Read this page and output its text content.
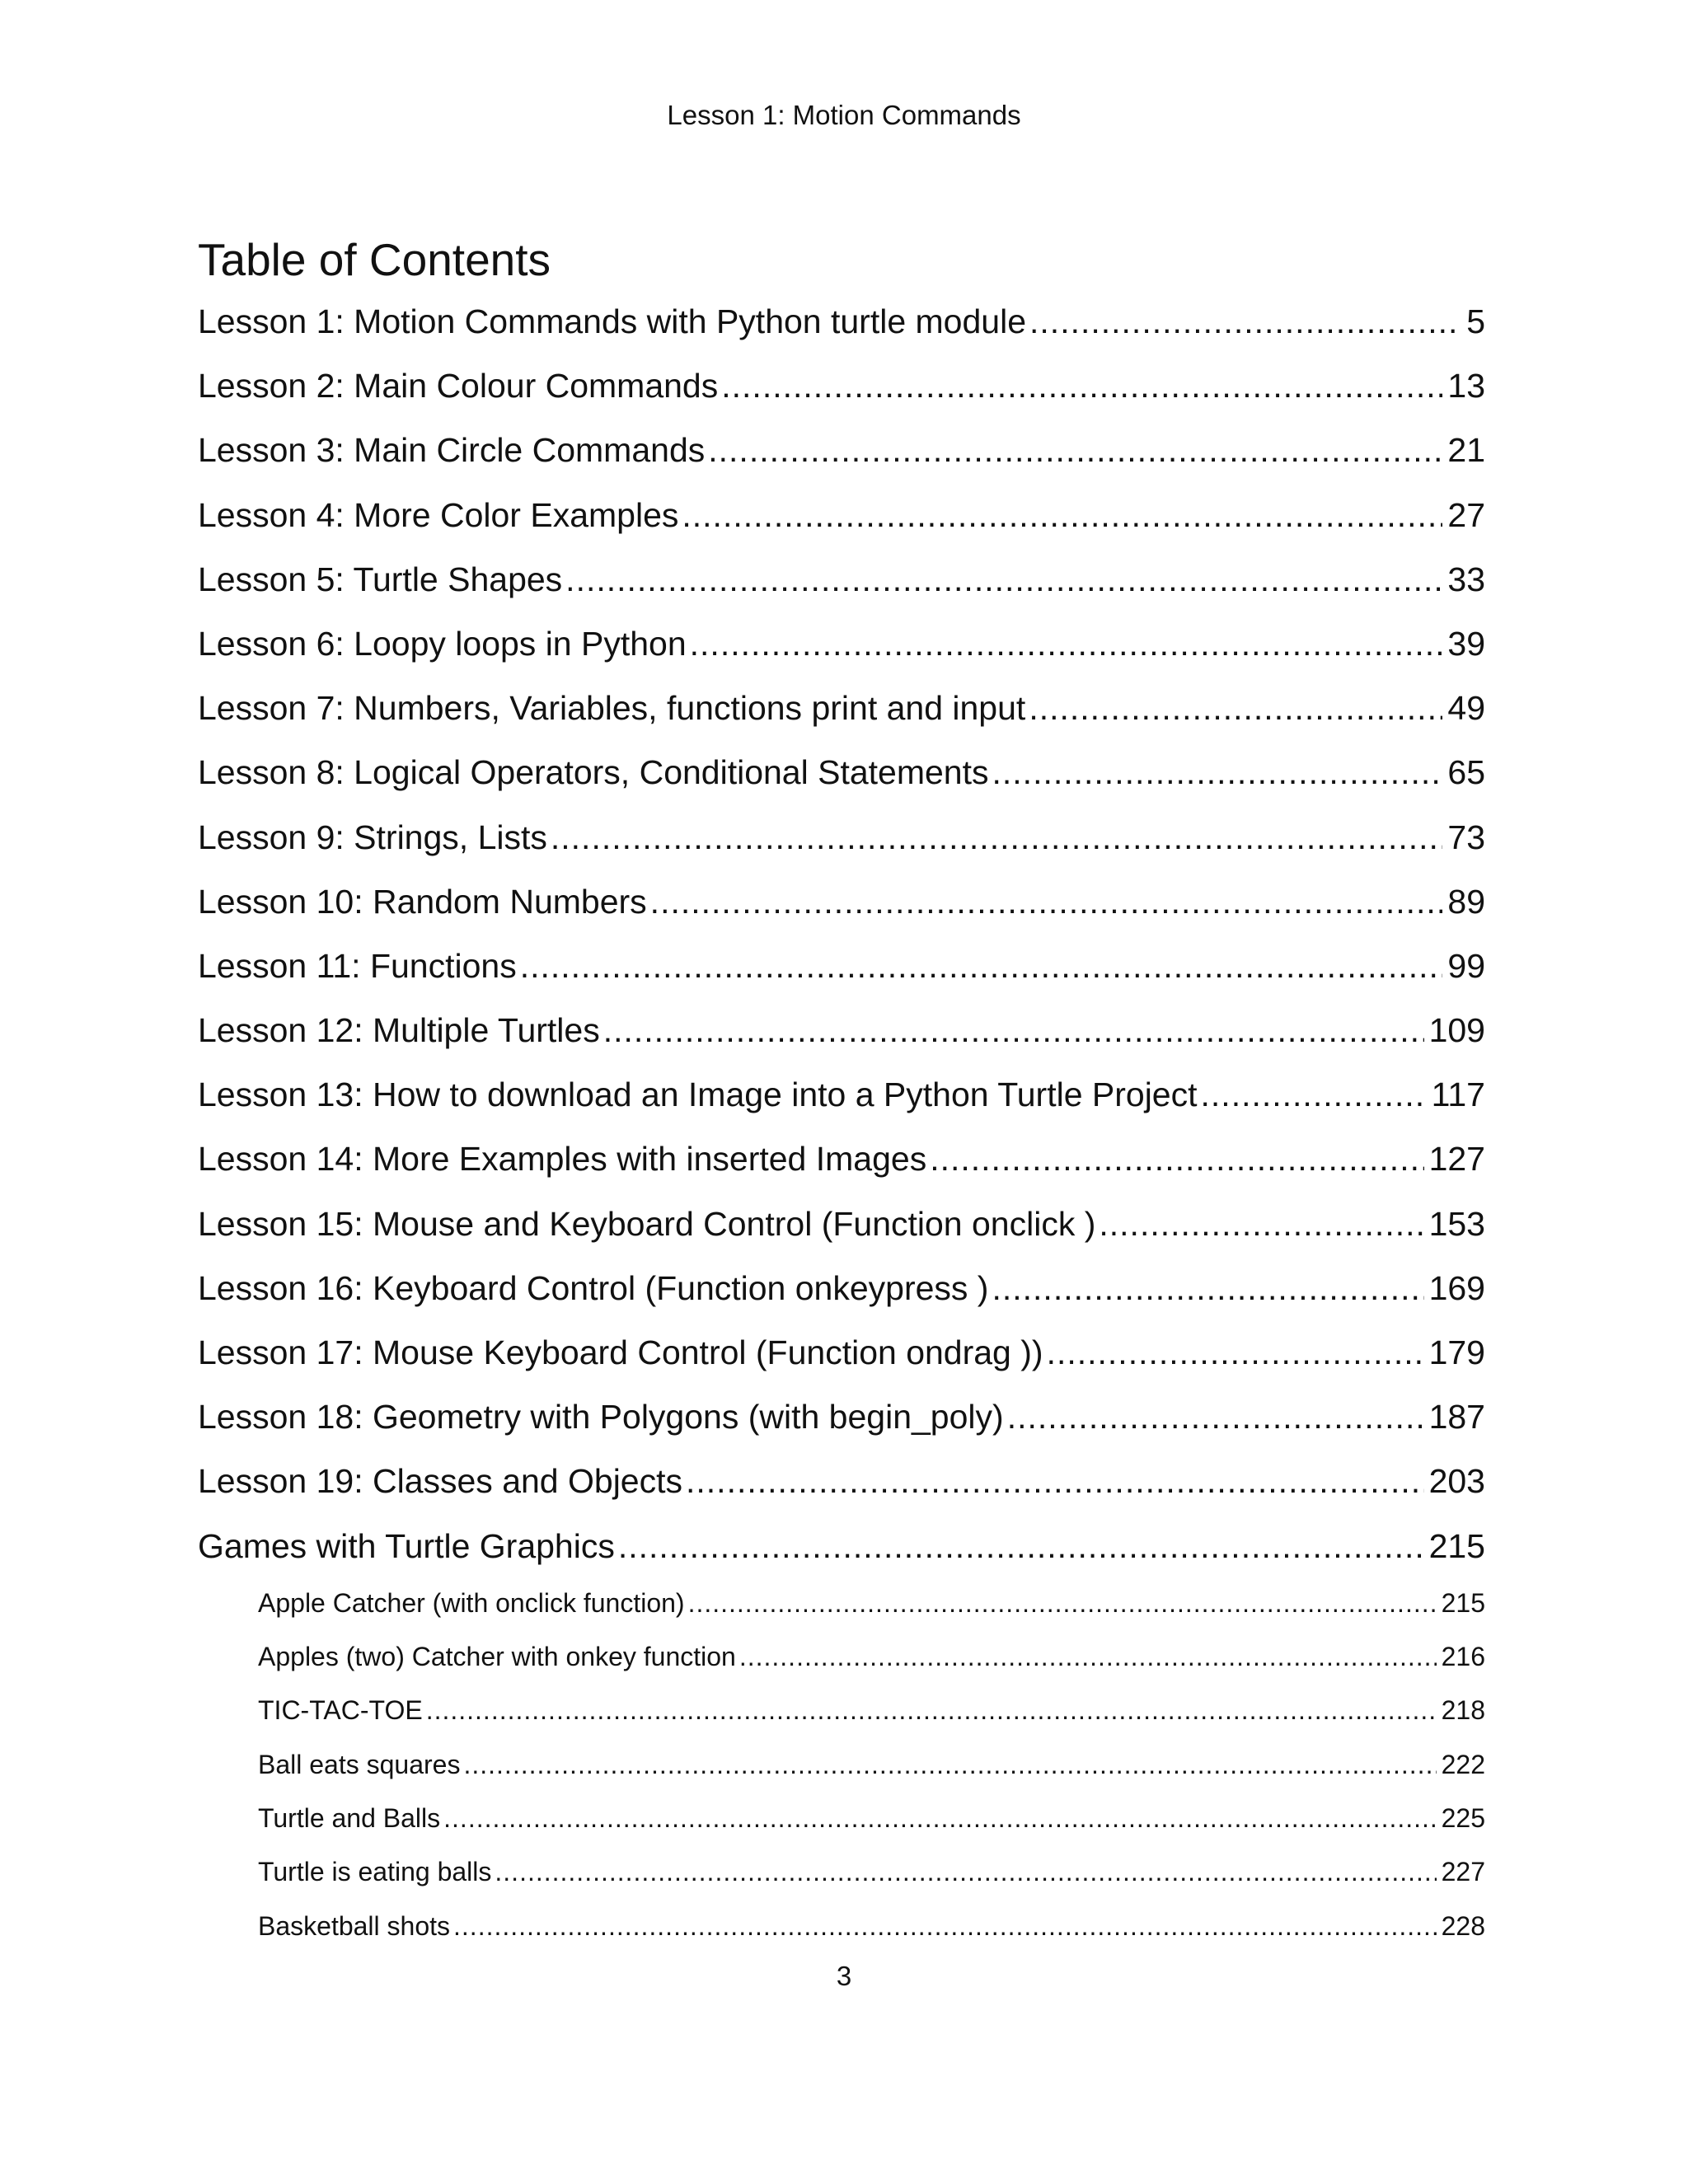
Lesson 1: Motion Commands
Table of Contents
Lesson 1: Motion Commands with Python turtle module .....	5
Lesson 2: Main Colour Commands .....	13
Lesson 3: Main Circle Commands .....	21
Lesson 4: More Color Examples .....	27
Lesson 5: Turtle Shapes .....	33
Lesson 6: Loopy loops in Python .....	39
Lesson 7: Numbers, Variables, functions print and input .....	49
Lesson 8: Logical Operators, Conditional Statements .....	65
Lesson 9: Strings, Lists .....	73
Lesson 10: Random Numbers .....	89
Lesson 11: Functions .....	99
Lesson 12: Multiple Turtles .....	109
Lesson 13: How to download an Image into a Python Turtle Project .....	117
Lesson 14: More Examples with inserted Images .....	127
Lesson 15: Mouse and Keyboard Control (Function onclick ) .....	153
Lesson 16: Keyboard Control (Function onkeypress ) .....	169
Lesson 17: Mouse Keyboard Control (Function ondrag )) .....	179
Lesson 18: Geometry with Polygons (with begin_poly) .....	187
Lesson 19: Classes and Objects .....	203
Games with Turtle Graphics .....	215
Apple Catcher (with onclick function) .....	215
Apples (two) Catcher with onkey function .....	216
TIC-TAC-TOE .....	218
Ball eats squares .....	222
Turtle and Balls .....	225
Turtle is eating balls .....	227
Basketball shots .....	228
3
